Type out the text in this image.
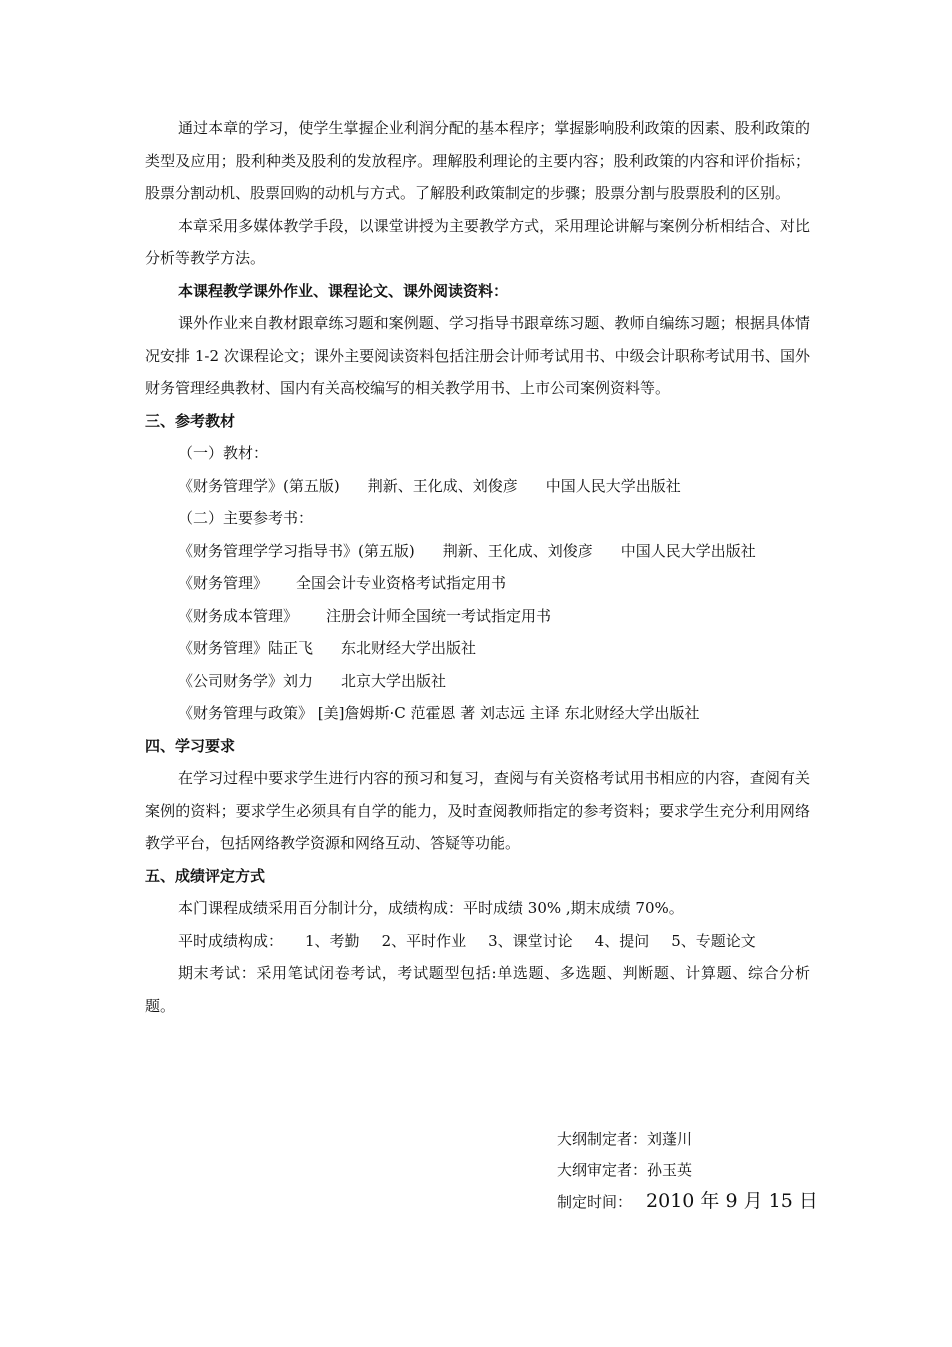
通过本章的学习，使学生掌握企业利润分配的基本程序；掌握影响股利政策的因素、股利政策的类型及应用；股利种类及股利的发放程序。理解股利理论的主要内容；股利政策的内容和评价指标；股票分割动机、股票回购的动机与方式。了解股利政策制定的步骤；股票分割与股票股利的区别。

本章采用多媒体教学手段，以课堂讲授为主要教学方式，采用理论讲解与案例分析相结合、对比分析等教学方法。

本课程教学课外作业、课程论文、课外阅读资料：

课外作业来自教材跟章练习题和案例题、学习指导书跟章练习题、教师自编练习题；根据具体情况安排 1-2 次课程论文；课外主要阅读资料包括注册会计师考试用书、中级会计职称考试用书、国外财务管理经典教材、国内有关高校编写的相关教学用书、上市公司案例资料等。

三、参考教材
（一）教材：
《财务管理学》(第五版) 荆新、王化成、刘俊彦 中国人民大学出版社
（二）主要参考书：
《财务管理学学习指导书》(第五版) 荆新、王化成、刘俊彦 中国人民大学出版社
《财务管理》 全国会计专业资格考试指定用书
《财务成本管理》 注册会计师全国统一考试指定用书
《财务管理》陆正飞 东北财经大学出版社
《公司财务学》刘力 北京大学出版社
《财务管理与政策》 [美]詹姆斯·C 范霍恩 著 刘志远 主译 东北财经大学出版社
四、学习要求

在学习过程中要求学生进行内容的预习和复习，查阅与有关资格考试用书相应的内容，查阅有关案例的资料；要求学生必须具有自学的能力，及时查阅教师指定的参考资料；要求学生充分利用网络教学平台，包括网络教学资源和网络互动、答疑等功能。

五、成绩评定方式

本门课程成绩采用百分制计分，成绩构成：平时成绩 30% ,期末成绩 70%。

平时成绩构成： 1、考勤 2、平时作业 3、课堂讨论 4、提问 5、专题论文

期末考试：采用笔试闭卷考试，考试题型包括:单选题、多选题、判断题、计算题、综合分析题。

大纲制定者：刘蓬川
大纲审定者：孙玉英
制定时间： 2010 年 9 月 15 日
